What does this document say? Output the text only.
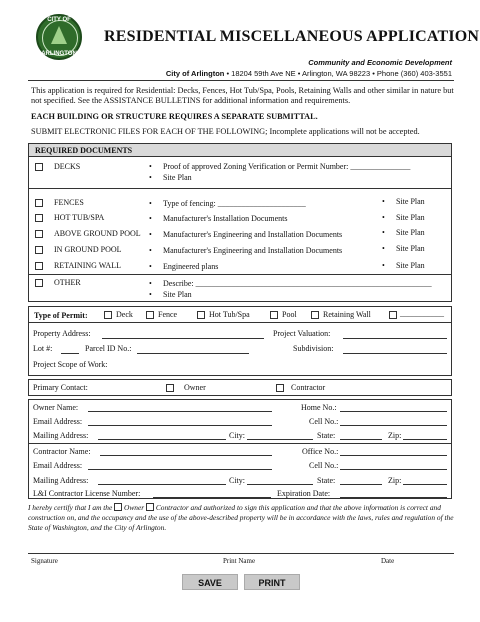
CITY OF
ARLINGTON
RESIDENTIAL MISCELLANEOUS APPLICATION
Community and Economic Development
City of Arlington • 18204 59th Ave NE • Arlington, WA 98223 • Phone (360) 403-3551
This application is required for Residential: Decks, Fences, Hot Tub/Spa, Pools, Retaining Walls and other similar in nature but not specified. See the ASSISTANCE BULLETINS for additional information and requirements.
EACH BUILDING OR STRUCTURE REQUIRES A SEPARATE SUBMITTAL.
SUBMIT ELECTRONIC FILES FOR EACH OF THE FOLLOWING; Incomplete applications will not be accepted.
REQUIRED DOCUMENTS
DECKS	• Proof of approved Zoning Verification or Permit Number: _______________
• Site Plan
FENCES	• Type of fencing: ______________________	• Site Plan
HOT TUB/SPA	• Manufacturer's Installation Documents	• Site Plan
ABOVE GROUND POOL	• Manufacturer's Engineering and Installation Documents	• Site Plan
IN GROUND POOL	• Manufacturer's Engineering and Installation Documents	• Site Plan
RETAINING WALL	• Engineered plans	• Site Plan
OTHER	• Describe: ___________________________________________________________
• Site Plan
Type of Permit:	Deck	Fence	Hot Tub/Spa	Pool	Retaining Wall	___________
Property Address:	Project Valuation:
Lot #:	Parcel ID No.:	Subdivision:
Project Scope of Work:
Primary Contact:	Owner	Contractor
Owner Name:	Home No.:
Email Address:	Cell No.:
Mailing Address:	City:	State:	Zip:
Contractor Name:	Office No.:
Email Address:	Cell No.:
Mailing Address:	City:	State:	Zip:
L&I Contractor License Number:	Expiration Date:
I hereby certify that I am the Owner Contractor and authorized to sign this application and that the above information is correct and construction on, and the occupancy and the use of the above-described property will be in accordance with the laws, rules and regulation of the State of Washington, and the City of Arlington.
Signature	Print Name	Date
SAVE	PRINT
